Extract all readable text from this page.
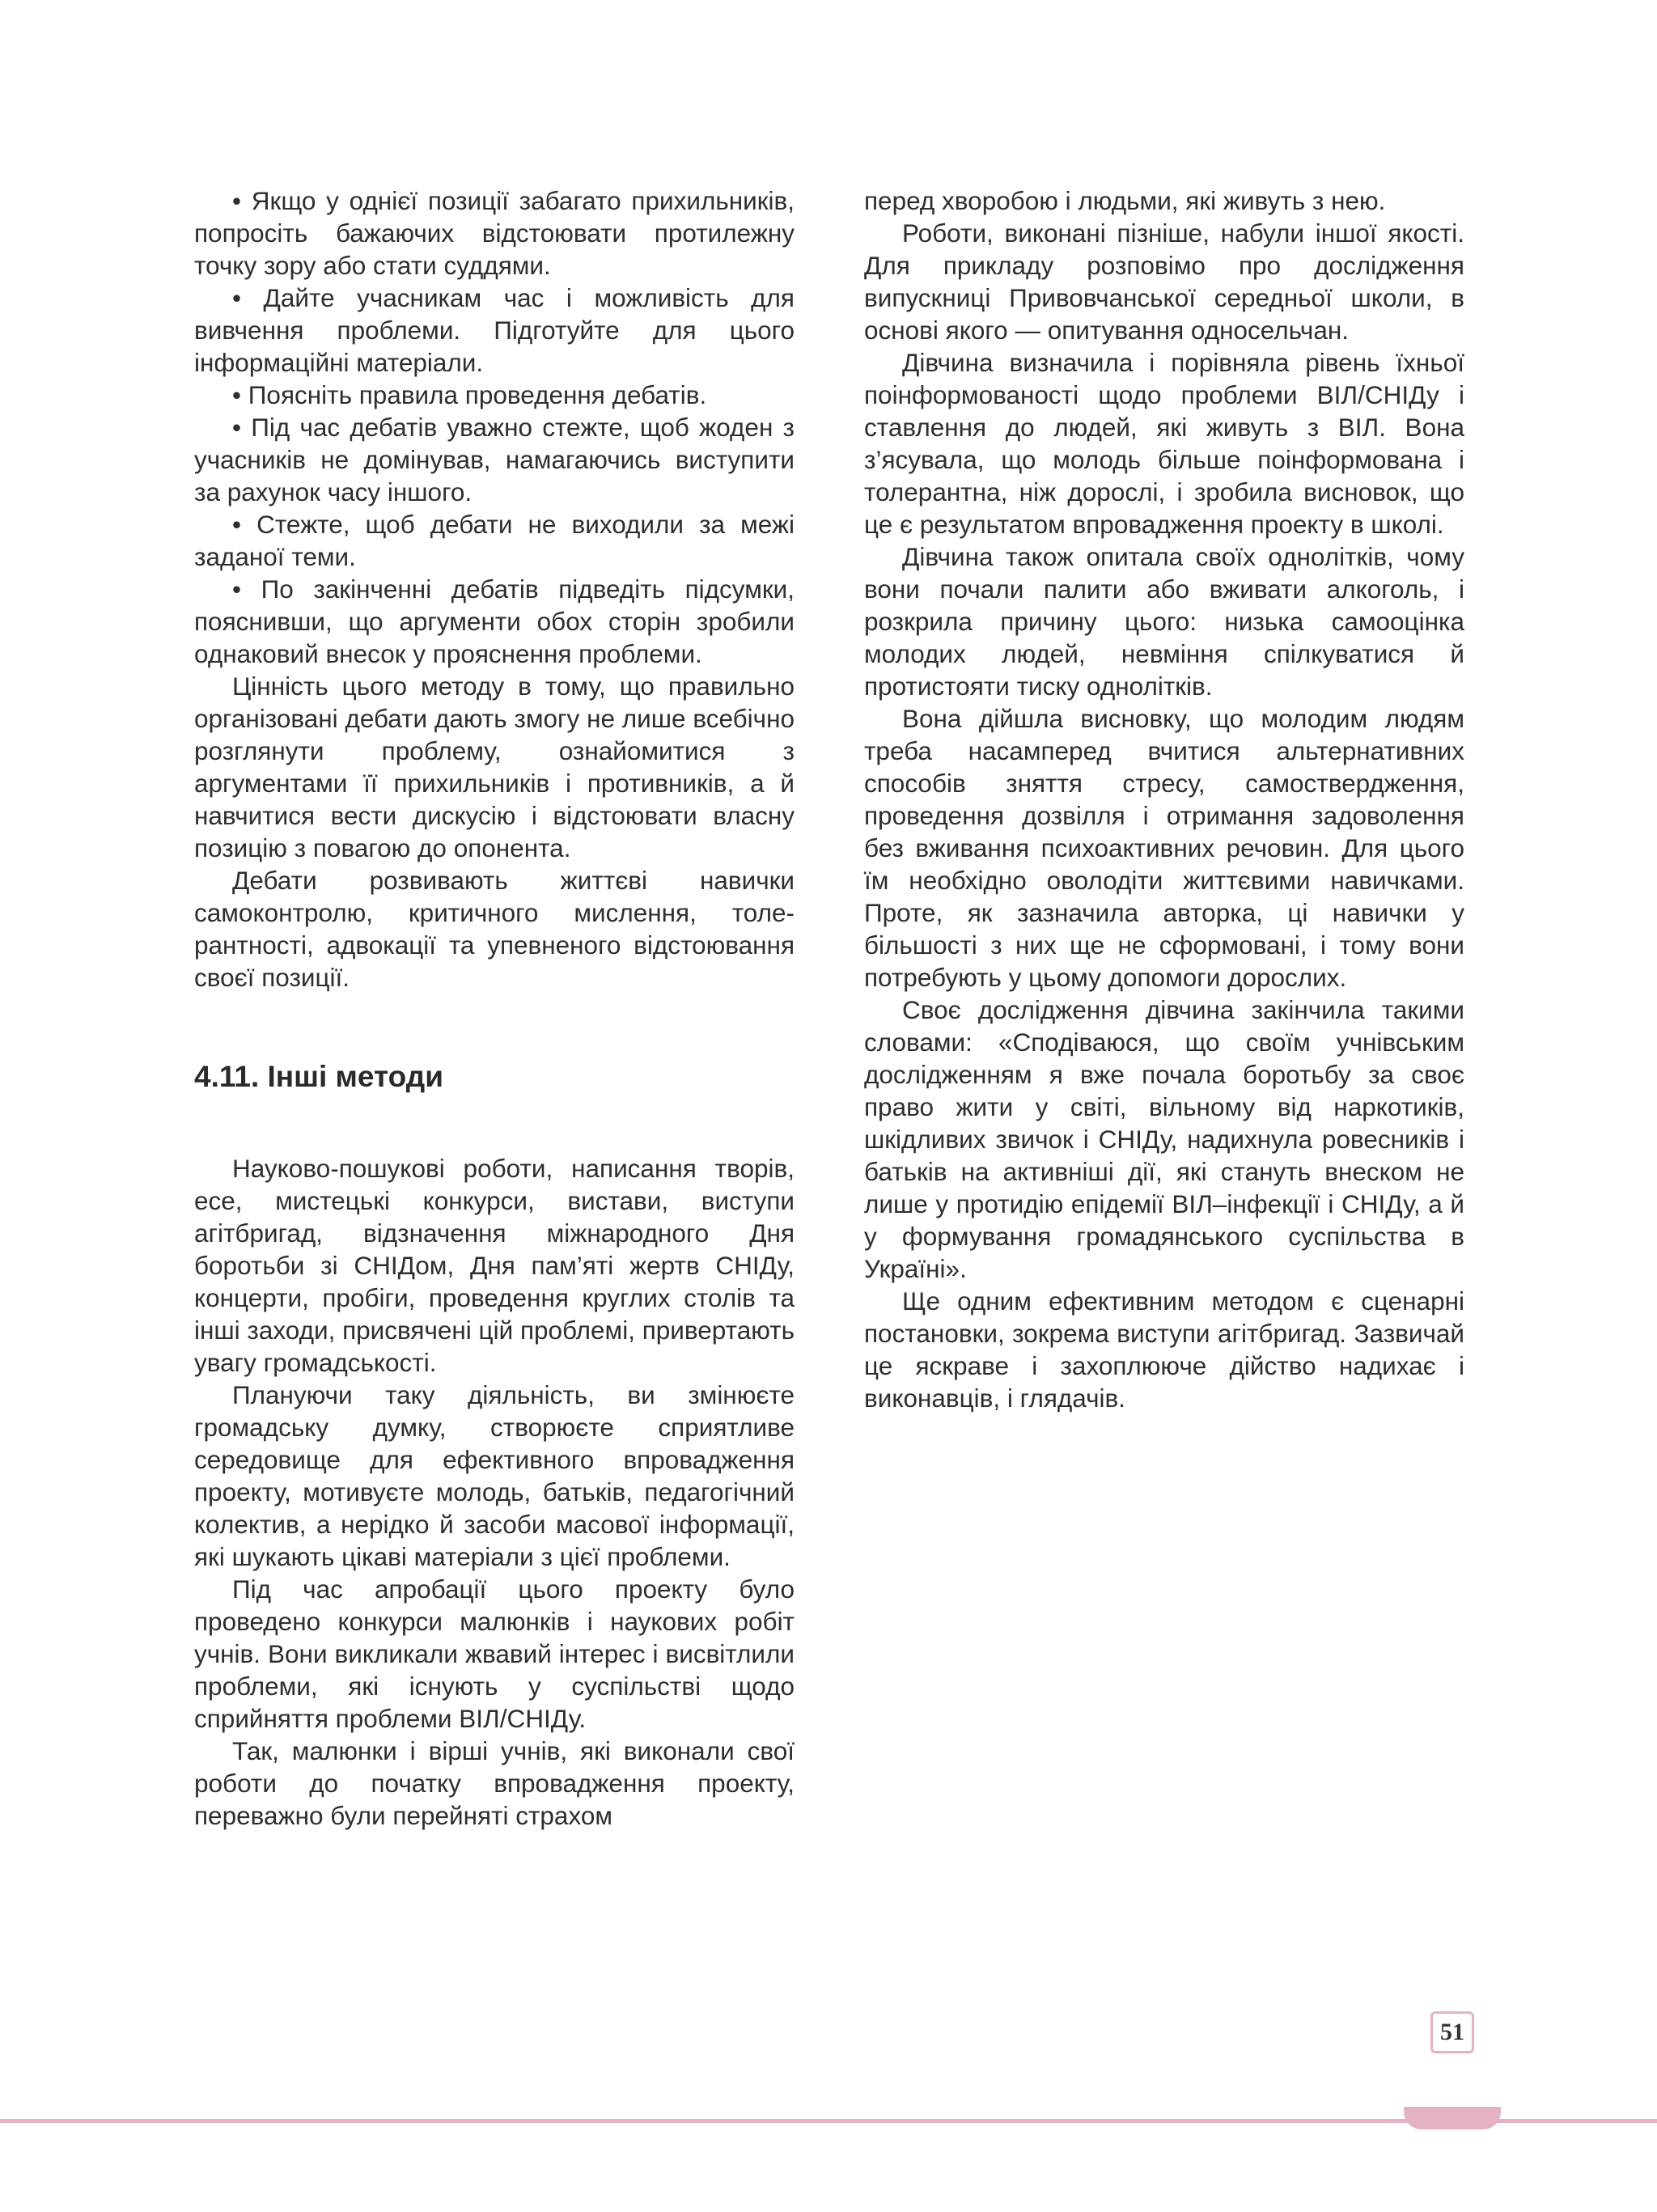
• Якщо у однієї позиції забагато прихильників, попросіть бажаючих відстоювати протилежну точку зору або стати суддями.

• Дайте учасникам час і можливість для вивчення проблеми. Підготуйте для цього інформаційні матеріали.

• Поясніть правила проведення дебатів.

• Під час дебатів уважно стежте, щоб жоден з учасників не домінував, намагаючись виступити за рахунок часу іншого.

• Стежте, щоб дебати не виходили за межі заданої теми.

• По закінченні дебатів підведіть підсумки, пояснивши, що аргументи обох сторін зробили однаковий внесок у прояснення проблеми.

Цінність цього методу в тому, що правильно організовані дебати дають змогу не лише всебічно розглянути проблему, ознайомитися з аргументами її прихильників і противників, а й навчитися вести дискусію і відстоювати власну позицію з повагою до опонента.

Дебати розвивають життєві навички самоконтролю, критичного мислення, толерантності, адвокації та упевненого відстоювання своєї позиції.

4.11. Інші методи

Науково-пошукові роботи, написання творів, есе, мистецькі конкурси, вистави, виступи агітбригад, відзначення міжнародного Дня боротьби зі СНІДом, Дня пам’яті жертв СНІДу, концерти, пробіги, проведення круглих столів та інші заходи, присвячені цій проблемі, привертають увагу громадськості.

Плануючи таку діяльність, ви змінюєте громадську думку, створюєте сприятливе середовище для ефективного впровадження проекту, мотивуєте молодь, батьків, педагогічний колектив, а нерідко й засоби масової інформації, які шукають цікаві матеріали з цієї проблеми.

Під час апробації цього проекту було проведено конкурси малюнків і наукових робіт учнів. Вони викликали жвавий інтерес і висвітлили проблеми, які існують у суспільстві щодо сприйняття проблеми ВІЛ/СНІДу.

Так, малюнки і вірші учнів, які виконали свої роботи до початку впровадження проекту, переважно були перейняті страхом

перед хворобою і людьми, які живуть з нею.

Роботи, виконані пізніше, набули іншої якості. Для прикладу розповімо про дослідження випускниці Привовчанської середньої школи, в основі якого — опитування односельчан.

Дівчина визначила і порівняла рівень їхньої поінформованості щодо проблеми ВІЛ/СНІДу і ставлення до людей, які живуть з ВІЛ. Вона з’ясувала, що молодь більше поінформована і толерантна, ніж дорослі, і зробила висновок, що це є результатом впровадження проекту в школі.

Дівчина також опитала своїх однолітків, чому вони почали палити або вживати алкоголь, і розкрила причину цього: низька самооцінка молодих людей, невміння спілкуватися й протистояти тиску однолітків.

Вона дійшла висновку, що молодим людям треба насамперед вчитися альтернативних способів зняття стресу, самоствердження, проведення дозвілля і отримання задоволення без вживання психоактивних речовин. Для цього їм необхідно оволодіти життєвими навичками. Проте, як зазначила авторка, ці навички у більшості з них ще не сформовані, і тому вони потребують у цьому допомоги дорослих.

Своє дослідження дівчина закінчила такими словами: «Сподіваюся, що своїм учнівським дослідженням я вже почала боротьбу за своє право жити у світі, вільному від наркотиків, шкідливих звичок і СНІДу, надихнула ровесників і батьків на активніші дії, які стануть внеском не лише у протидію епідемії ВІЛ–інфекції і СНІДу, а й у формування громадянського суспільства в Україні».

Ще одним ефективним методом є сценарні постановки, зокрема виступи агітбригад. Зазвичай це яскраве і захоплююче дійство надихає і виконавців, і глядачів.

51
